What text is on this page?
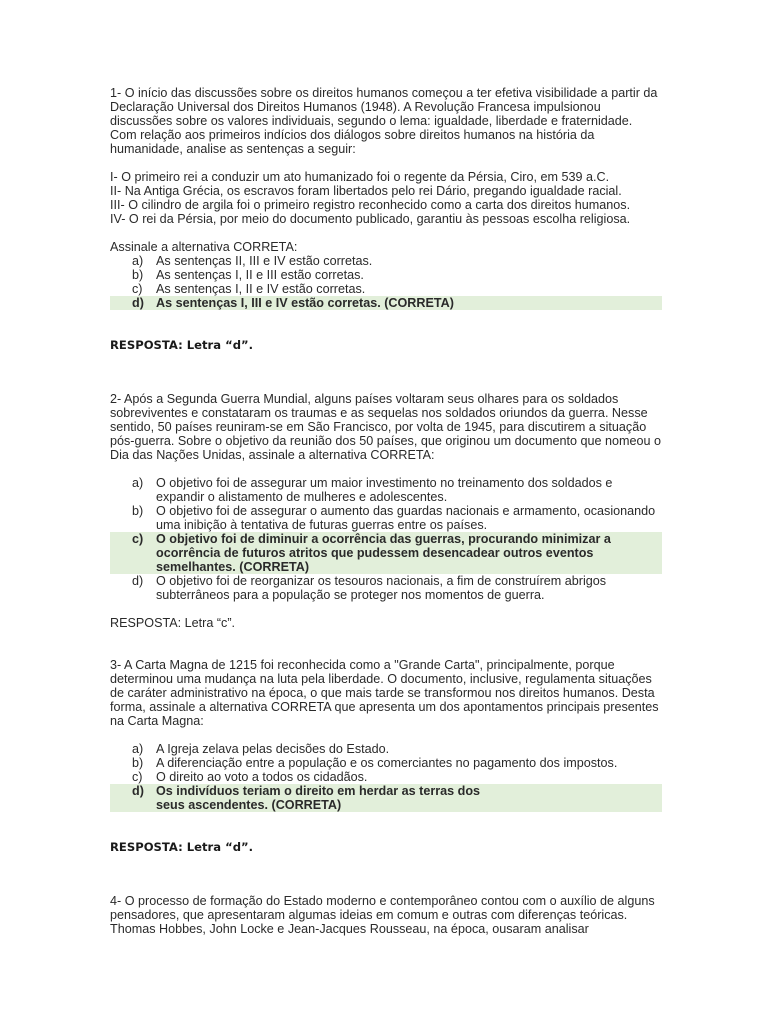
1- O início das discussões sobre os direitos humanos começou a ter efetiva visibilidade a partir da Declaração Universal dos Direitos Humanos (1948). A Revolução Francesa impulsionou discussões sobre os valores individuais, segundo o lema: igualdade, liberdade e fraternidade. Com relação aos primeiros indícios dos diálogos sobre direitos humanos na história da humanidade, analise as sentenças a seguir:

I- O primeiro rei a conduzir um ato humanizado foi o regente da Pérsia, Ciro, em 539 a.C.

II- Na Antiga Grécia, os escravos foram libertados pelo rei Dário, pregando igualdade racial.

III- O cilindro de argila foi o primeiro registro reconhecido como a carta dos direitos humanos.

IV- O rei da Pérsia, por meio do documento publicado, garantiu às pessoas escolha religiosa.

Assinale a alternativa CORRETA:

a)	As sentenças II, III e IV estão corretas.
b)	As sentenças I, II e III estão corretas.
c)	As sentenças I, II e IV estão corretas.
d) As sentenças I, III e IV estão corretas. (CORRETA)

RESPOSTA: Letra “d”.

2- Após a Segunda Guerra Mundial, alguns países voltaram seus olhares para os soldados sobreviventes e constataram os traumas e as sequelas nos soldados oriundos da guerra. Nesse sentido, 50 países reuniram-se em São Francisco, por volta de 1945, para discutirem a situação pós-guerra. Sobre o objetivo da reunião dos 50 países, que originou um documento que nomeou o Dia das Nações Unidas, assinale a alternativa CORRETA:

a)	O objetivo foi de assegurar um maior investimento no treinamento dos soldados e expandir o alistamento de mulheres e adolescentes.
b)	O objetivo foi de assegurar o aumento das guardas nacionais e armamento, ocasionando uma inibição à tentativa de futuras guerras entre os países.
c)	O objetivo foi de diminuir a ocorrência das guerras, procurando minimizar a ocorrência de futuros atritos que pudessem desencadear outros eventos semelhantes. (CORRETA)
d)	O objetivo foi de reorganizar os tesouros nacionais, a fim de construírem abrigos subterrâneos para a população se proteger nos momentos de guerra.

RESPOSTA: Letra “c”.

3- A Carta Magna de 1215 foi reconhecida como a "Grande Carta", principalmente, porque determinou uma mudança na luta pela liberdade. O documento, inclusive, regulamenta situações de caráter administrativo na época, o que mais tarde se transformou nos direitos humanos. Desta forma, assinale a alternativa CORRETA que apresenta um dos apontamentos principais presentes na Carta Magna:

a)	A Igreja zelava pelas decisões do Estado.
b)	A diferenciação entre a população e os comerciantes no pagamento dos impostos.
c)	O direito ao voto a todos os cidadãos.
d) Os indivíduos teriam o direito em herdar as terras dos seus ascendentes. (CORRETA)

RESPOSTA: Letra “d”.

4- O processo de formação do Estado moderno e contemporâneo contou com o auxílio de alguns pensadores, que apresentaram algumas ideias em comum e outras com diferenças teóricas. Thomas Hobbes, John Locke e Jean-Jacques Rousseau, na época, ousaram analisar
